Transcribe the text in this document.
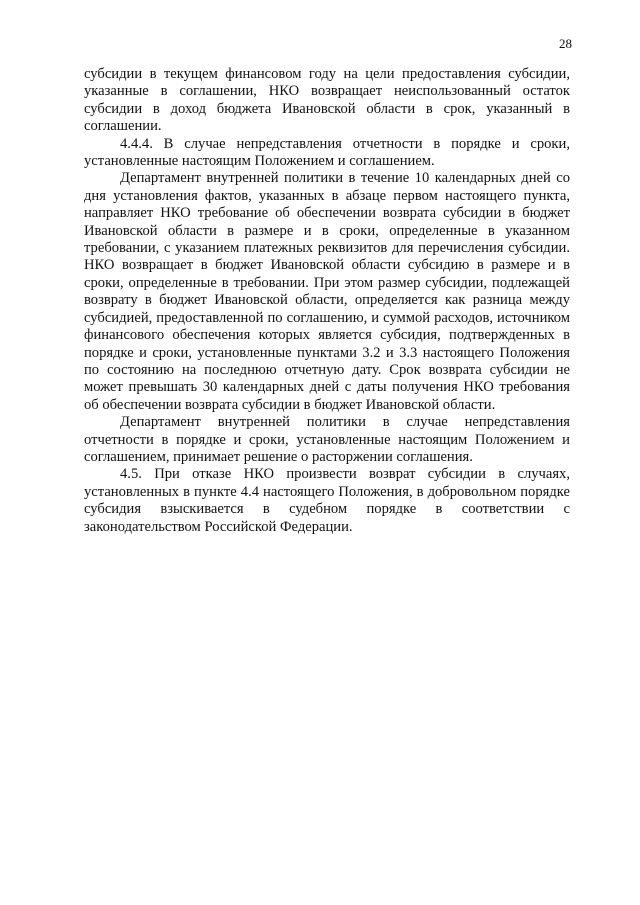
28

субсидии в текущем финансовом году на цели предоставления субсидии, указанные в соглашении, НКО возвращает неиспользованный остаток субсидии в доход бюджета Ивановской области в срок, указанный в соглашении.

4.4.4. В случае непредставления отчетности в порядке и сроки, установленные настоящим Положением и соглашением.

Департамент внутренней политики в течение 10 календарных дней со дня установления фактов, указанных в абзаце первом настоящего пункта, направляет НКО требование об обеспечении возврата субсидии в бюджет Ивановской области в размере и в сроки, определенные в указанном требовании, с указанием платежных реквизитов для перечисления субсидии. НКО возвращает в бюджет Ивановской области субсидию в размере и в сроки, определенные в требовании. При этом размер субсидии, подлежащей возврату в бюджет Ивановской области, определяется как разница между субсидией, предоставленной по соглашению, и суммой расходов, источником финансового обеспечения которых является субсидия, подтвержденных в порядке и сроки, установленные пунктами 3.2 и 3.3 настоящего Положения по состоянию на последнюю отчетную дату. Срок возврата субсидии не может превышать 30 календарных дней с даты получения НКО требования об обеспечении возврата субсидии в бюджет Ивановской области.

Департамент внутренней политики в случае непредставления отчетности в порядке и сроки, установленные настоящим Положением и соглашением, принимает решение о расторжении соглашения.

4.5. При отказе НКО произвести возврат субсидии в случаях, установленных в пункте 4.4 настоящего Положения, в добровольном порядке субсидия взыскивается в судебном порядке в соответствии с законодательством Российской Федерации.
